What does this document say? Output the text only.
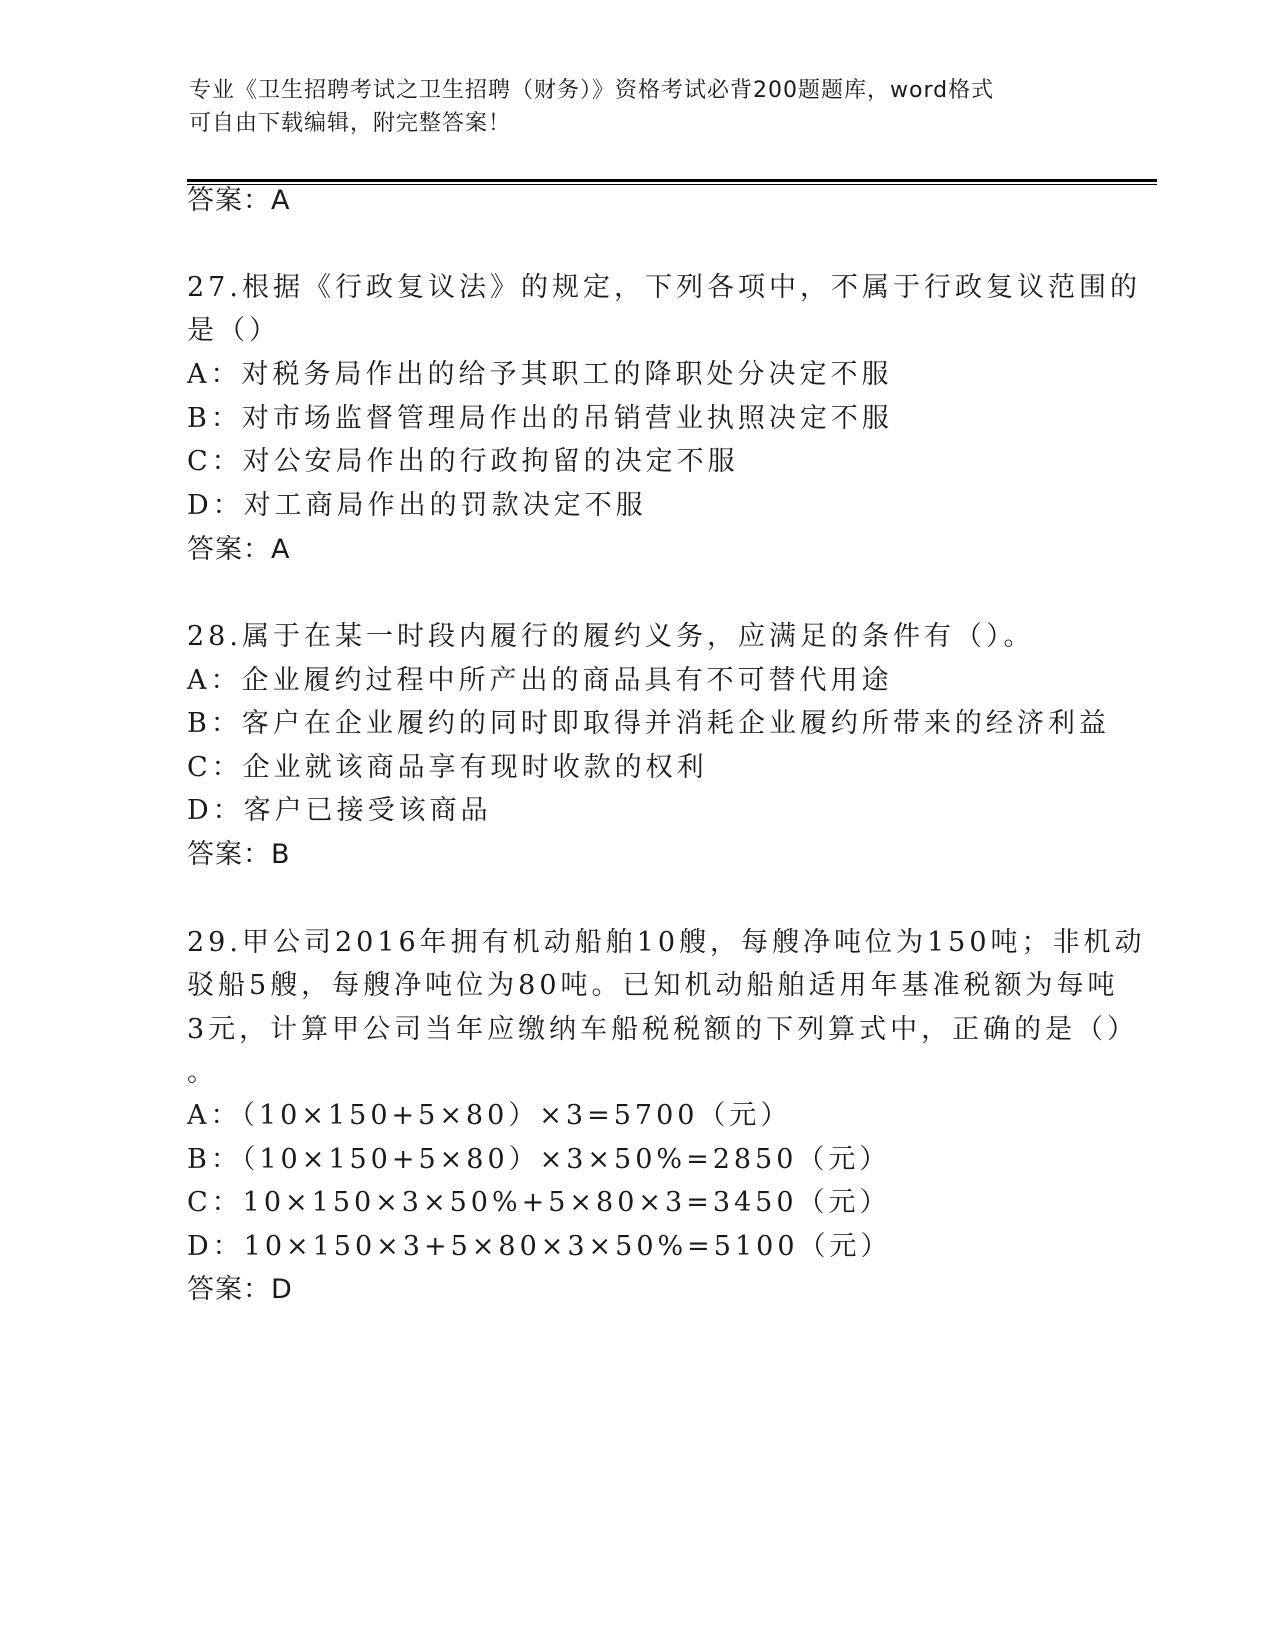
专业《卫生招聘考试之卫生招聘（财务）》资格考试必背200题题库，word格式
可自由下载编辑，附完整答案！
答案：A
27.根据《行政复议法》的规定，下列各项中，不属于行政复议范围的
是（）
A：对税务局作出的给予其职工的降职处分决定不服
B：对市场监督管理局作出的吊销营业执照决定不服
C：对公安局作出的行政拘留的决定不服
D：对工商局作出的罚款决定不服
答案：A
28.属于在某一时段内履行的履约义务，应满足的条件有（）。
A：企业履约过程中所产出的商品具有不可替代用途
B：客户在企业履约的同时即取得并消耗企业履约所带来的经济利益
C：企业就该商品享有现时收款的权利
D：客户已接受该商品
答案：B
29.甲公司2016年拥有机动船舶10艘，每艘净吨位为150吨；非机动
驳船5艘，每艘净吨位为80吨。已知机动船舶适用年基准税额为每吨
3元，计算甲公司当年应缴纳车船税税额的下列算式中，正确的是（）
。
A：（10×150+5×80）×3=5700（元）
B：（10×150+5×80）×3×50%=2850（元）
C：10×150×3×50%+5×80×3=3450（元）
D：10×150×3+5×80×3×50%=5100（元）
答案：D
